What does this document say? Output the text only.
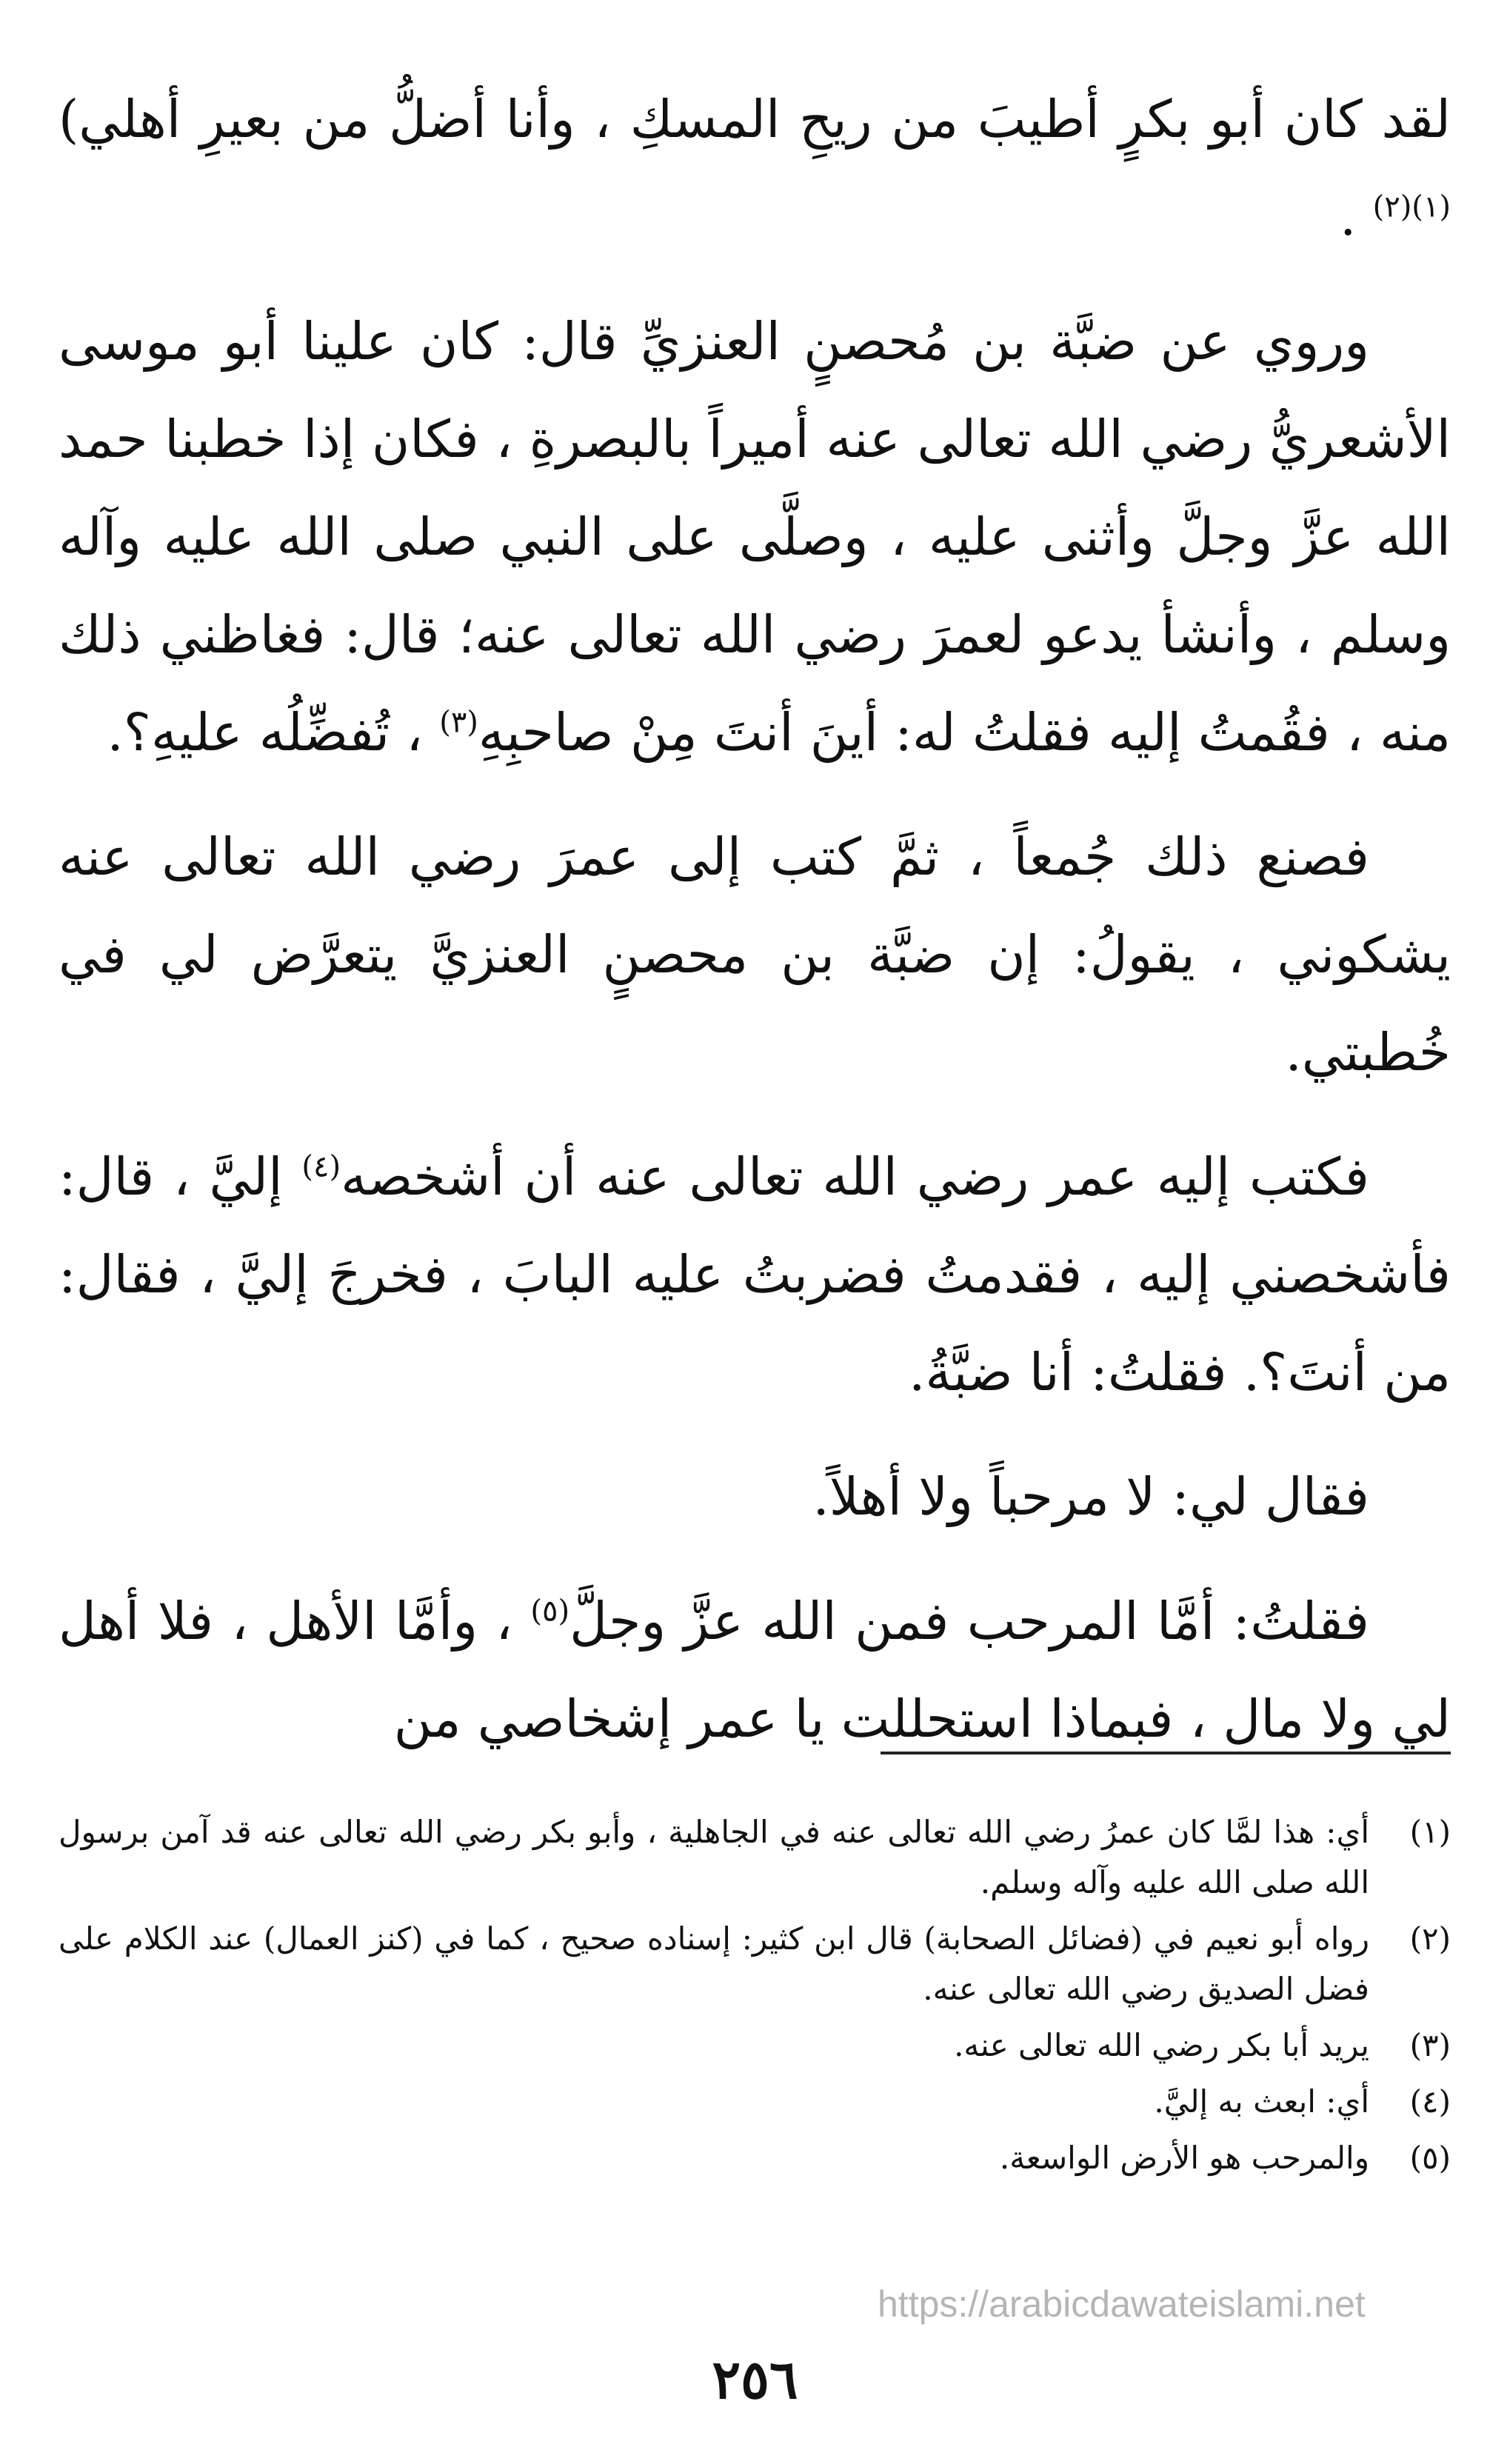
لقد كان أبو بكرٍ أطيبَ من ريحِ المسكِ ، وأنا أضلُّ من بعيرِ أهلي)$^{(١)(٢)}$ .

وروي عن ضبَّة بن مُحصنٍ العنزيِّ قال: كان علينا أبو موسى الأشعريُّ رضي الله تعالى عنه أميراً بالبصرةِ ، فكان إذا خطبنا حمد الله عزَّ وجلَّ وأثنى عليه ، وصلَّى على النبي صلى الله عليه وآله وسلم ، وأنشأ يدعو لعمرَ رضي الله تعالى عنه؛ قال: فغاظني ذلك منه ، فقُمتُ إليه فقلتُ له: أينَ أنتَ مِنْ صاحبِهِ$^{(٣)}$ ، تُفضِّلُه عليهِ؟.

فصنع ذلك جُمعاً ، ثمَّ كتب إلى عمرَ رضي الله تعالى عنه يشكوني ، يقولُ: إن ضبَّة بن محصنٍ العنزيَّ يتعرَّض لي في خُطبتي.

فكتب إليه عمر رضي الله تعالى عنه أن أشخصه$^{(٤)}$ إليَّ ، قال: فأشخصني إليه ، فقدمتُ فضربتُ عليه البابَ ، فخرجَ إليَّ ، فقال: من أنتَ؟. فقلتُ: أنا ضبَّةُ.

فقال لي: لا مرحباً ولا أهلاً.

فقلتُ: أمَّا المرحب فمن الله عزَّ وجلَّ$^{(٥)}$ ، وأمَّا الأهل ، فلا أهل لي ولا مال ، فبماذا استحللت يا عمر إشخاصي من

(١)
أي: هذا لمَّا كان عمرُ رضي الله تعالى عنه في الجاهلية ، وأبو بكر رضي الله تعالى عنه قد آمن برسول الله صلى الله عليه وآله وسلم.
(٢)
رواه أبو نعيم في (فضائل الصحابة) قال ابن كثير: إسناده صحيح ، كما في (كنز العمال) عند الكلام على فضل الصديق رضي الله تعالى عنه.
(٣)
يريد أبا بكر رضي الله تعالى عنه.
(٤)
أي: ابعث به إليَّ.
(٥)
والمرحب هو الأرض الواسعة.
https://arabicdawateislami.net
٢٥٦
